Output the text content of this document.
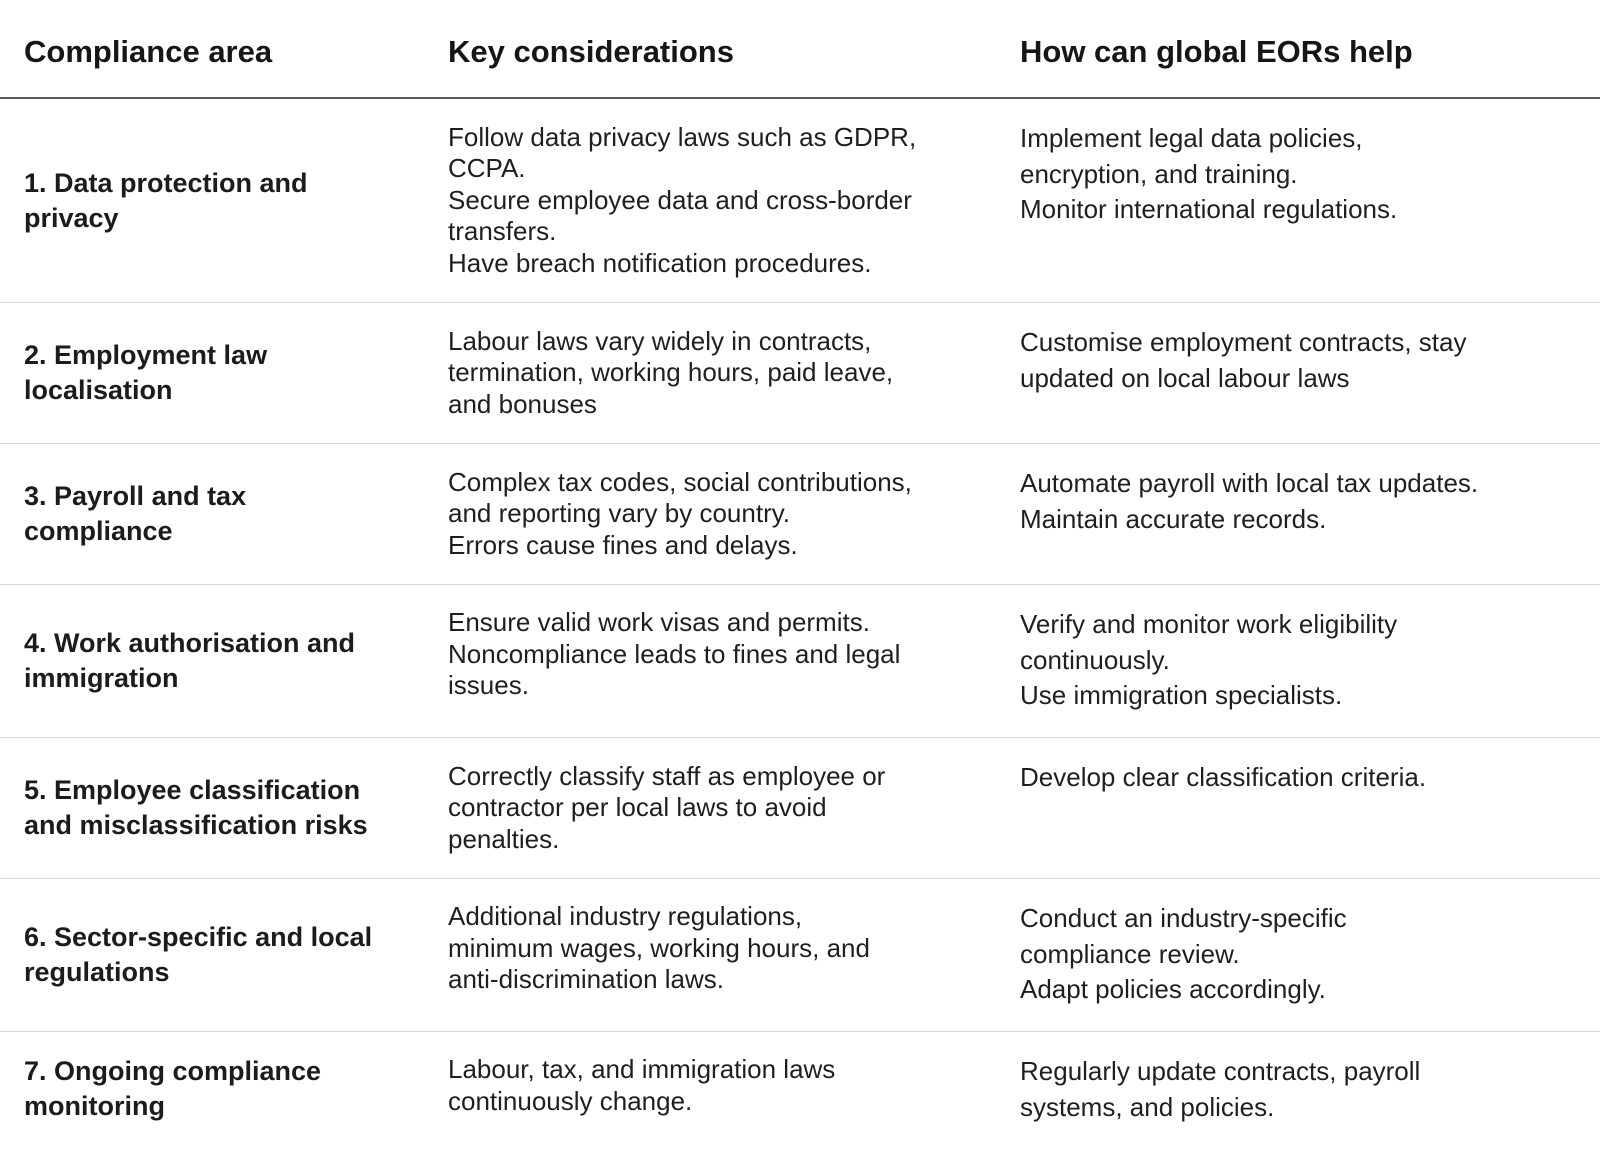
Compliance area	Key considerations	How can global EORs help
1. Data protection and
privacy
Follow data privacy laws such as GDPR,
CCPA.
Secure employee data and cross-border
transfers.
Have breach notification procedures.
Implement legal data policies,
encryption, and training.
Monitor international regulations.
2. Employment law
localisation
Labour laws vary widely in contracts,
termination, working hours, paid leave,
and bonuses
Customise employment contracts, stay
updated on local labour laws
3. Payroll and tax
compliance
Complex tax codes, social contributions,
and reporting vary by country.
Errors cause fines and delays.
Automate payroll with local tax updates.
Maintain accurate records.
4. Work authorisation and
immigration
Ensure valid work visas and permits.
Noncompliance leads to fines and legal
issues.
Verify and monitor work eligibility
continuously.
Use immigration specialists.
5. Employee classification
and misclassification risks
Correctly classify staff as employee or
contractor per local laws to avoid
penalties.
Develop clear classification criteria.
6. Sector-specific and local
regulations
Additional industry regulations,
minimum wages, working hours, and
anti-discrimination laws.
Conduct an industry-specific
compliance review.
Adapt policies accordingly.
7. Ongoing compliance
monitoring
Labour, tax, and immigration laws
continuously change.
Regularly update contracts, payroll
systems, and policies.
